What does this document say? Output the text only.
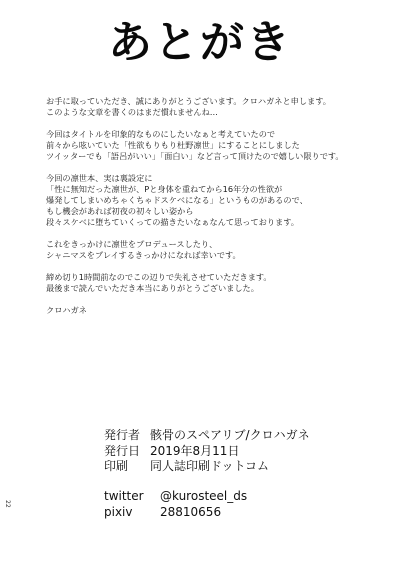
あとがき
お手に取っていただき、誠にありがとうございます。クロハガネと申します。
このような文章を書くのはまだ慣れませんね…
今回はタイトルを印象的なものにしたいなぁと考えていたので
前々から呟いていた「性欲もりもり杜野凛世」にすることにしました
ツイッターでも「語呂がいい」「面白い」など言って頂けたので嬉しい限りです。
今回の凛世本、実は裏設定に
「性に無知だった凛世が、Pと身体を重ねてから16年分の性欲が
爆発してしまいめちゃくちゃドスケベになる」というものがあるので、
もし機会があれば初夜の初々しい姿から
段々スケベに堕ちていくっての描きたいなぁなんて思っております。
これをきっかけに凛世をプロデュースしたり、
シャニマスをプレイするきっかけになれば幸いです。
締め切り1時間前なのでこの辺りで失礼させていただきます。
最後まで読んでいただき本当にありがとうございました。
クロハガネ
発行者 骸骨のスペアリブ/クロハガネ
発行日 2019年8月11日
印刷	同人誌印刷ドットコム
twitter	@kurosteel_ds
pixiv	28810656
22
